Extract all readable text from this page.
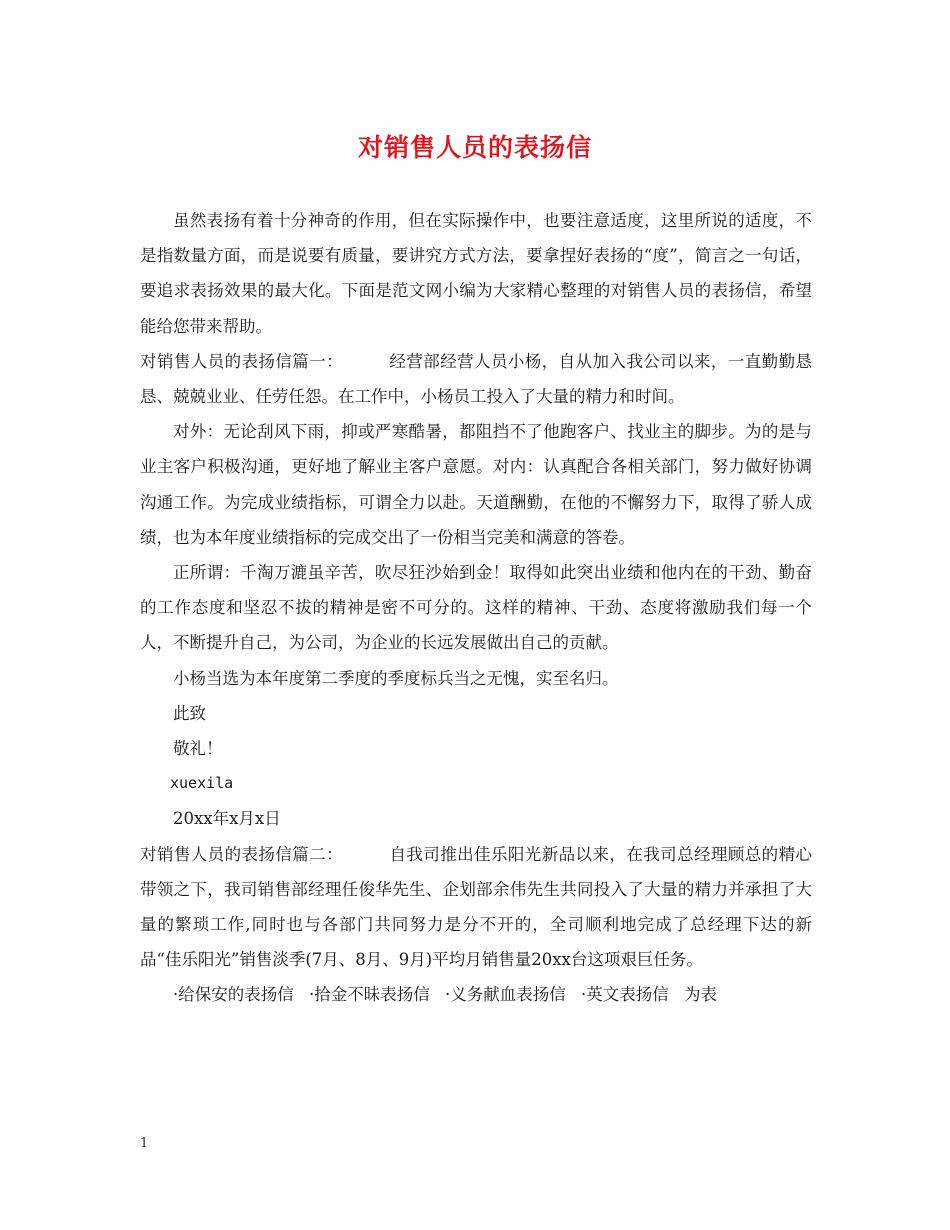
对销售人员的表扬信

虽然表扬有着十分神奇的作用，但在实际操作中，也要注意适度，这里所说的适度，不是指数量方面，而是说要有质量，要讲究方式方法，要拿捏好表扬的“度”，简言之一句话，要追求表扬效果的最大化。下面是范文网小编为大家精心整理的对销售人员的表扬信，希望能给您带来帮助。

对销售人员的表扬信篇一：	经营部经营人员小杨，自从加入我公司以来，一直勤勤恳恳、兢兢业业、任劳任怨。在工作中，小杨员工投入了大量的精力和时间。

对外：无论刮风下雨，抑或严寒酷暑，都阻挡不了他跑客户、找业主的脚步。为的是与业主客户积极沟通，更好地了解业主客户意愿。对内：认真配合各相关部门，努力做好协调沟通工作。为完成业绩指标，可谓全力以赴。天道酬勤，在他的不懈努力下，取得了骄人成绩，也为本年度业绩指标的完成交出了一份相当完美和满意的答卷。

正所谓：千淘万漉虽辛苦，吹尽狂沙始到金！取得如此突出业绩和他内在的干劲、勤奋的工作态度和坚忍不拔的精神是密不可分的。这样的精神、干劲、态度将激励我们每一个人，不断提升自己，为公司，为企业的长远发展做出自己的贡献。

小杨当选为本年度第二季度的季度标兵当之无愧，实至名归。

此致

敬礼！

xuexila

20xx年x月x日

对销售人员的表扬信篇二：	自我司推出佳乐阳光新品以来，在我司总经理顾总的精心带领之下，我司销售部经理任俊华先生、企划部余伟先生共同投入了大量的精力并承担了大量的繁琐工作,同时也与各部门共同努力是分不开的，全司顺利地完成了总经理下达的新品“佳乐阳光”销售淡季(7月、8月、9月)平均月销售量20xx台这项艰巨任务。

·给保安的表扬信 ·拾金不昧表扬信 ·义务献血表扬信 ·英文表扬信 为表

1
